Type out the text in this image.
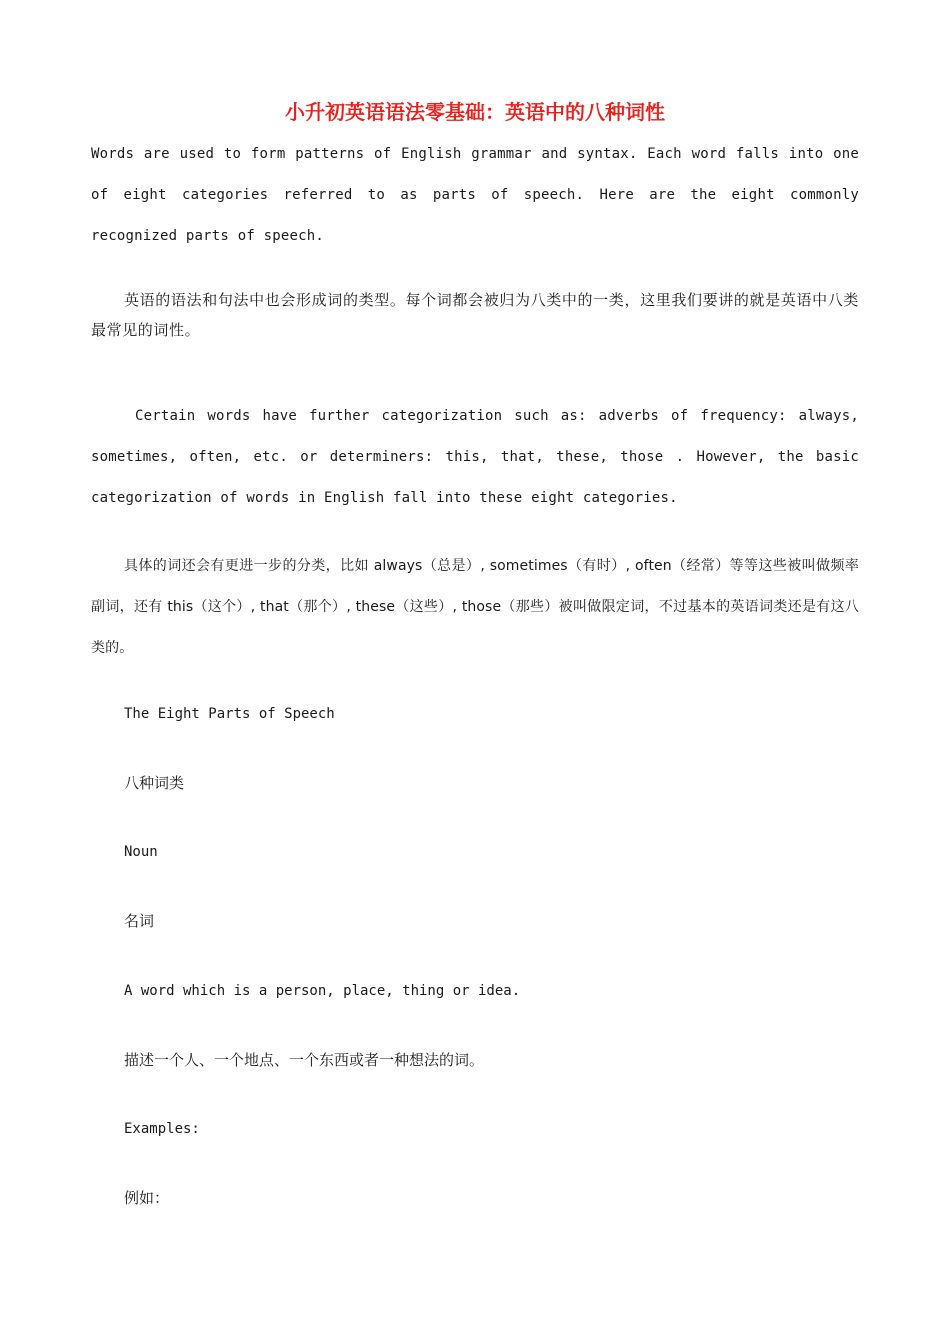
小升初英语语法零基础：英语中的八种词性
Words are used to form patterns of English grammar and syntax. Each word falls into one of eight categories referred to as parts of speech. Here are the eight commonly recognized parts of speech.
英语的语法和句法中也会形成词的类型。每个词都会被归为八类中的一类，这里我们要讲的就是英语中八类最常见的词性。
Certain words have further categorization such as: adverbs of frequency: always, sometimes, often, etc. or determiners: this, that, these, those . However, the basic categorization of words in English fall into these eight categories.
具体的词还会有更进一步的分类，比如 always（总是）, sometimes（有时）, often（经常）等等这些被叫做频率副词，还有 this（这个）, that（那个）, these（这些）, those（那些）被叫做限定词，不过基本的英语词类还是有这八类的。
The Eight Parts of Speech
八种词类
Noun
名词
A word which is a person, place, thing or idea.
描述一个人、一个地点、一个东西或者一种想法的词。
Examples:
例如：
